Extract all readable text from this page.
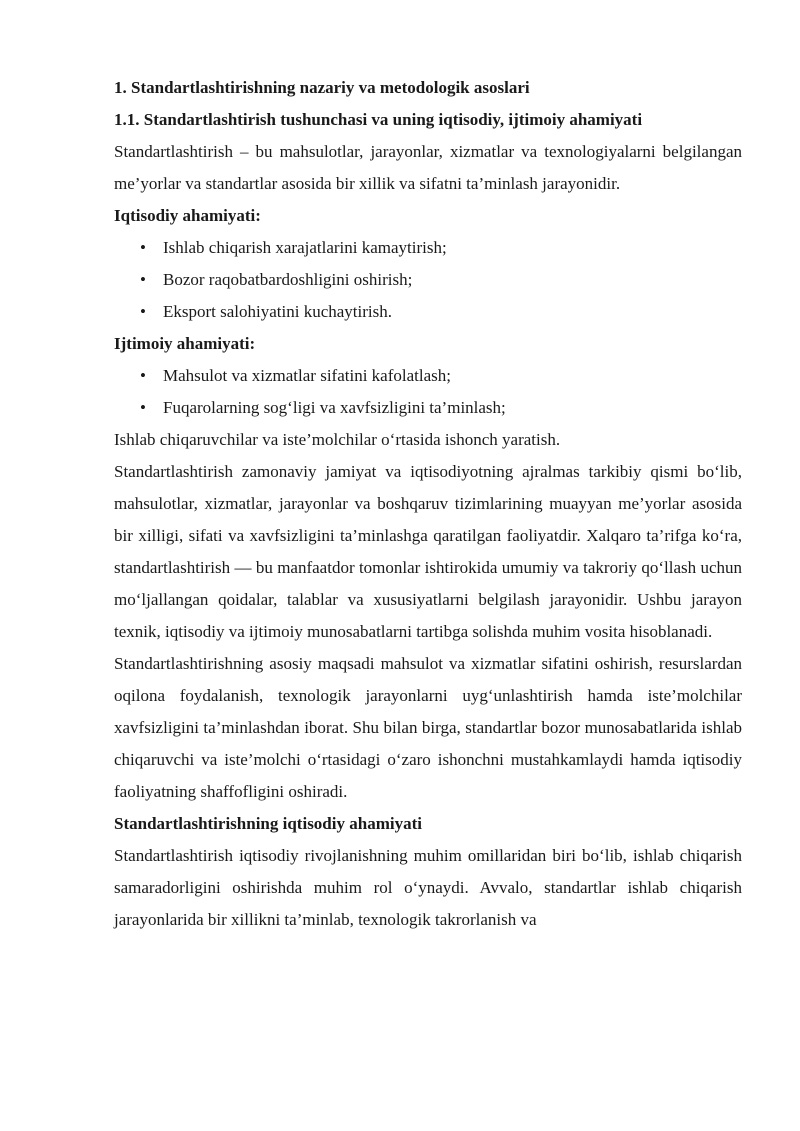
1. Standartlashtirishning nazariy va metodologik asoslari

1.1. Standartlashtirish tushunchasi va uning iqtisodiy, ijtimoiy ahamiyati

Standartlashtirish – bu mahsulotlar, jarayonlar, xizmatlar va texnologiyalarni belgilangan me’yorlar va standartlar asosida bir xillik va sifatni ta’minlash jarayonidir.

Iqtisodiy ahamiyati:

• Ishlab chiqarish xarajatlarini kamaytirish;
• Bozor raqobatbardoshligini oshirish;
• Eksport salohiyatini kuchaytirish.

Ijtimoiy ahamiyati:

• Mahsulot va xizmatlar sifatini kafolatlash;
• Fuqarolarning sog‘ligi va xavfsizligini ta’minlash;

Ishlab chiqaruvchilar va iste’molchilar o‘rtasida ishonch yaratish.

Standartlashtirish zamonaviy jamiyat va iqtisodiyotning ajralmas tarkibiy qismi bo‘lib, mahsulotlar, xizmatlar, jarayonlar va boshqaruv tizimlarining muayyan me’yorlar asosida bir xilligi, sifati va xavfsizligini ta’minlashga qaratilgan faoliyatdir. Xalqaro ta’rifga ko‘ra, standartlashtirish — bu manfaatdor tomonlar ishtirokida umumiy va takroriy qo‘llash uchun mo‘ljallangan qoidalar, talablar va xususiyatlarni belgilash jarayonidir. Ushbu jarayon texnik, iqtisodiy va ijtimoiy munosabatlarni tartibga solishda muhim vosita hisoblanadi.

Standartlashtirishning asosiy maqsadi mahsulot va xizmatlar sifatini oshirish, resurslardan oqilona foydalanish, texnologik jarayonlarni uyg‘unlashtirish hamda iste’molchilar xavfsizligini ta’minlashdan iborat. Shu bilan birga, standartlar bozor munosabatlarida ishlab chiqaruvchi va iste’molchi o‘rtasidagi o‘zaro ishonchni mustahkamlaydi hamda iqtisodiy faoliyatning shaffofligini oshiradi.

Standartlashtirishning iqtisodiy ahamiyati

Standartlashtirish iqtisodiy rivojlanishning muhim omillaridan biri bo‘lib, ishlab chiqarish samaradorligini oshirishda muhim rol o‘ynaydi. Avvalo, standartlar ishlab chiqarish jarayonlarida bir xillikni ta’minlab, texnologik takrorlanish va
